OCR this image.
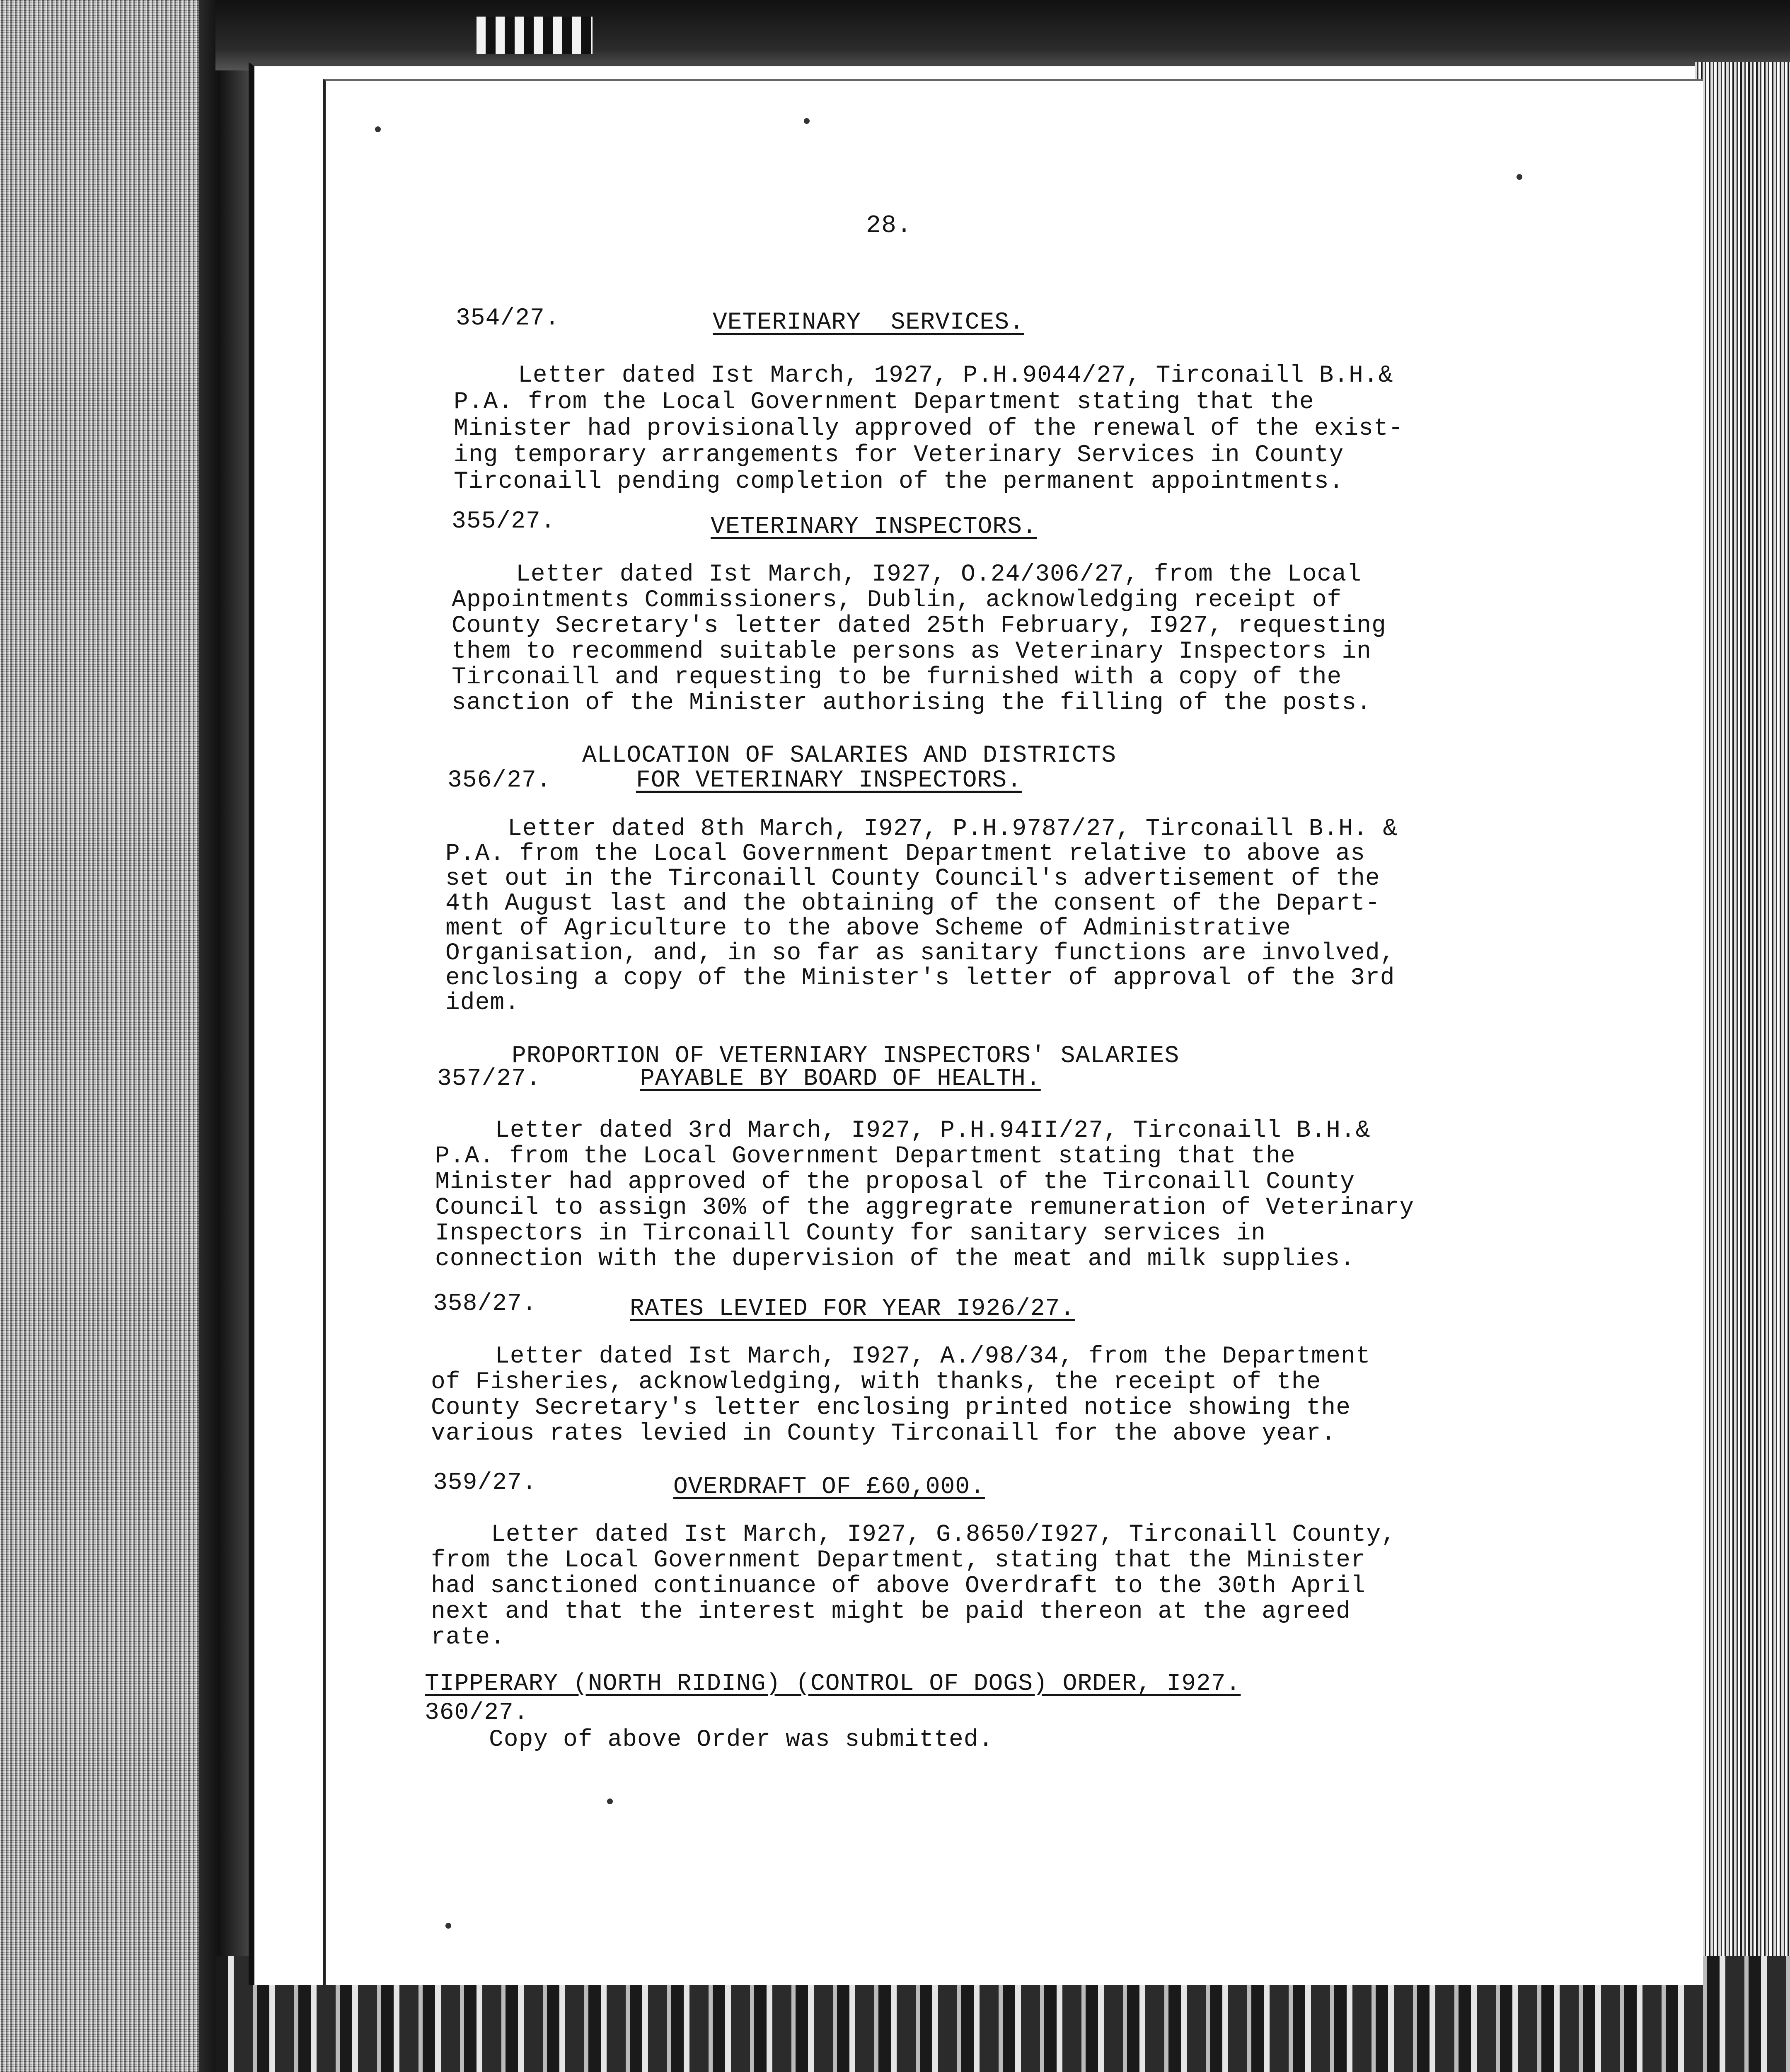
28.
354/27.	VETERINARY  SERVICES.
Letter dated Ist March, 1927, P.H.9044/27, Tirconaill B.H.&
P.A. from the Local Government Department stating that the
Minister had provisionally approved of the renewal of the exist-
ing temporary arrangements for Veterinary Services in County
Tirconaill pending completion of the permanent appointments.
355/27.	VETERINARY INSPECTORS.
Letter dated Ist March, I927, O.24/306/27, from the Local
Appointments Commissioners, Dublin, acknowledging receipt of
County Secretary's letter dated 25th February, I927, requesting
them to recommend suitable persons as Veterinary Inspectors in
Tirconaill and requesting to be furnished with a copy of the
sanction of the Minister authorising the filling of the posts.
ALLOCATION OF SALARIES AND DISTRICTS
356/27.	FOR VETERINARY INSPECTORS.
Letter dated 8th March, I927, P.H.9787/27, Tirconaill B.H. &
P.A. from the Local Government Department relative to above as
set out in the Tirconaill County Council's advertisement of the
4th August last and the obtaining of the consent of the Depart-
ment of Agriculture to the above Scheme of Administrative
Organisation, and, in so far as sanitary functions are involved,
enclosing a copy of the Minister's letter of approval of the 3rd
idem.
PROPORTION OF VETERNIARY INSPECTORS' SALARIES
357/27.	PAYABLE BY BOARD OF HEALTH.
Letter dated 3rd March, I927, P.H.94II/27, Tirconaill B.H.&
P.A. from the Local Government Department stating that the
Minister had approved of the proposal of the Tirconaill County
Council to assign 30% of the aggregrate remuneration of Veterinary
Inspectors in Tirconaill County for sanitary services in
connection with the dupervision of the meat and milk supplies.
358/27.	RATES LEVIED FOR YEAR I926/27.
Letter dated Ist March, I927, A./98/34, from the Department
of Fisheries, acknowledging, with thanks, the receipt of the
County Secretary's letter enclosing printed notice showing the
various rates levied in County Tirconaill for the above year.
359/27.	OVERDRAFT OF £60,000.
Letter dated Ist March, I927, G.8650/I927, Tirconaill County,
from the Local Government Department, stating that the Minister
had sanctioned continuance of above Overdraft to the 30th April
next and that the interest might be paid thereon at the agreed
rate.
TIPPERARY (NORTH RIDING) (CONTROL OF DOGS) ORDER, I927.
360/27.
Copy of above Order was submitted.
